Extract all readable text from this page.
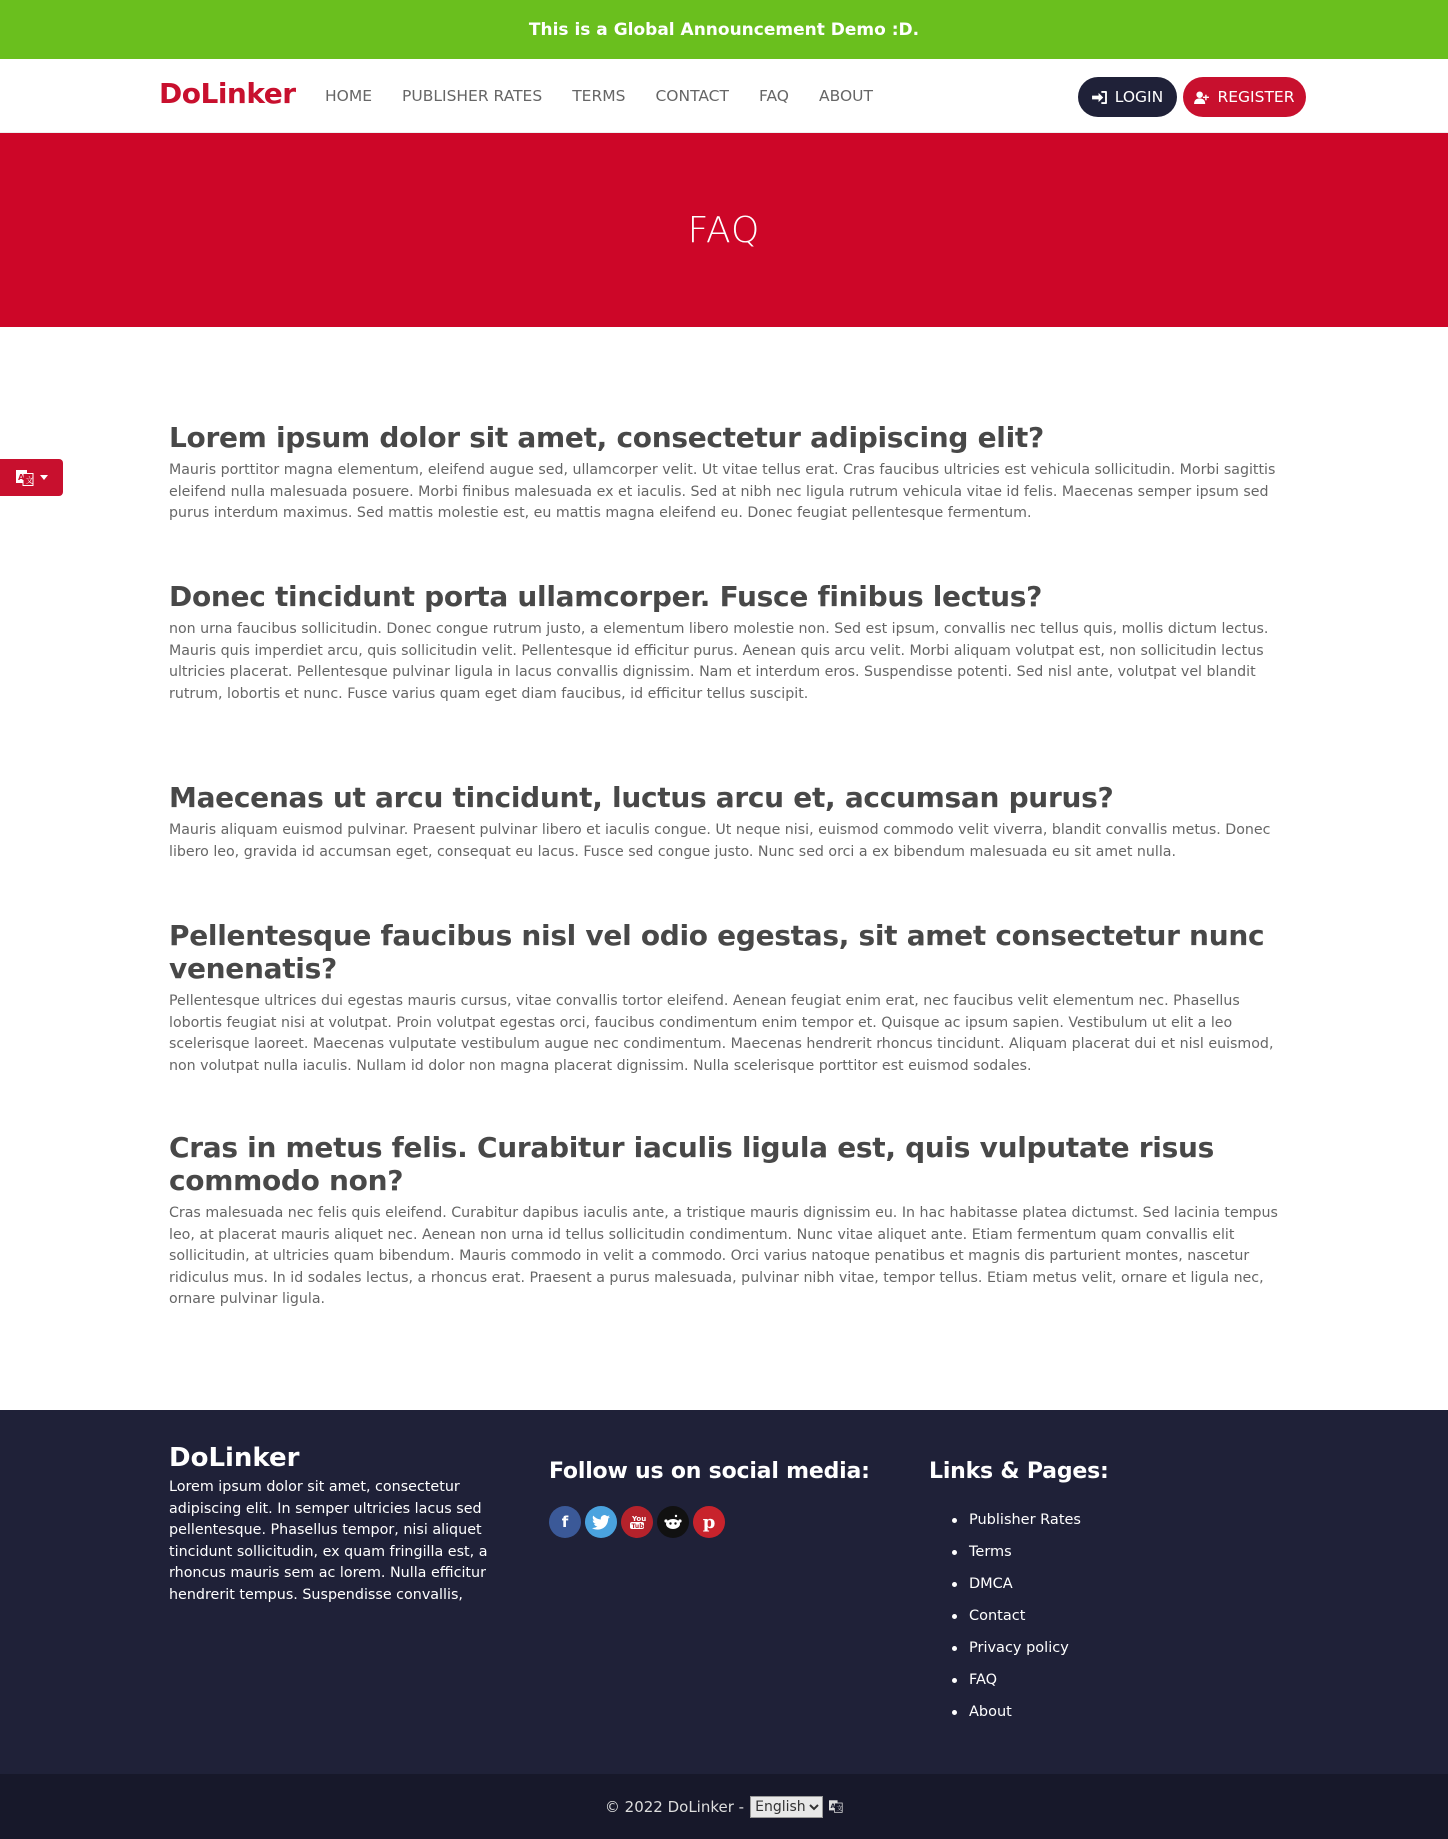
This is a Global Announcement Demo :D.
DoLinker HOME PUBLISHER RATES TERMS CONTACT FAQ ABOUT	LOGIN	REGISTER
FAQ
A 文
Lorem ipsum dolor sit amet, consectetur adipiscing elit?

Mauris porttitor magna elementum, eleifend augue sed, ullamcorper velit. Ut vitae tellus erat. Cras faucibus ultricies est vehicula sollicitudin. Morbi sagittis eleifend nulla malesuada posuere. Morbi finibus malesuada ex et iaculis. Sed at nibh nec ligula rutrum vehicula vitae id felis. Maecenas semper ipsum sed purus interdum maximus. Sed mattis molestie est, eu mattis magna eleifend eu. Donec feugiat pellentesque fermentum.

Donec tincidunt porta ullamcorper. Fusce finibus lectus?

non urna faucibus sollicitudin. Donec congue rutrum justo, a elementum libero molestie non. Sed est ipsum, convallis nec tellus quis, mollis dictum lectus. Mauris quis imperdiet arcu, quis sollicitudin velit. Pellentesque id efficitur purus. Aenean quis arcu velit. Morbi aliquam volutpat est, non sollicitudin lectus ultricies placerat. Pellentesque pulvinar ligula in lacus convallis dignissim. Nam et interdum eros. Suspendisse potenti. Sed nisl ante, volutpat vel blandit rutrum, lobortis et nunc. Fusce varius quam eget diam faucibus, id efficitur tellus suscipit.

Maecenas ut arcu tincidunt, luctus arcu et, accumsan purus?

Mauris aliquam euismod pulvinar. Praesent pulvinar libero et iaculis congue. Ut neque nisi, euismod commodo velit viverra, blandit convallis metus. Donec libero leo, gravida id accumsan eget, consequat eu lacus. Fusce sed congue justo. Nunc sed orci a ex bibendum malesuada eu sit amet nulla.

Pellentesque faucibus nisl vel odio egestas, sit amet consectetur nunc venenatis?

Pellentesque ultrices dui egestas mauris cursus, vitae convallis tortor eleifend. Aenean feugiat enim erat, nec faucibus velit elementum nec. Phasellus lobortis feugiat nisi at volutpat. Proin volutpat egestas orci, faucibus condimentum enim tempor et. Quisque ac ipsum sapien. Vestibulum ut elit a leo scelerisque laoreet. Maecenas vulputate vestibulum augue nec condimentum. Maecenas hendrerit rhoncus tincidunt. Aliquam placerat dui et nisl euismod, non volutpat nulla iaculis. Nullam id dolor non magna placerat dignissim. Nulla scelerisque porttitor est euismod sodales.

Cras in metus felis. Curabitur iaculis ligula est, quis vulputate risus commodo non?

Cras malesuada nec felis quis eleifend. Curabitur dapibus iaculis ante, a tristique mauris dignissim eu. In hac habitasse platea dictumst. Sed lacinia tempus leo, at placerat mauris aliquet nec. Aenean non urna id tellus sollicitudin condimentum. Nunc vitae aliquet ante. Etiam fermentum quam convallis elit sollicitudin, at ultricies quam bibendum. Mauris commodo in velit a commodo. Orci varius natoque penatibus et magnis dis parturient montes, nascetur ridiculus mus. In id sodales lectus, a rhoncus erat. Praesent a purus malesuada, pulvinar nibh vitae, tempor tellus. Etiam metus velit, ornare et ligula nec, ornare pulvinar ligula.

DoLinker
Lorem ipsum dolor sit amet, consectetur adipiscing elit. In semper ultricies lacus sed pellentesque. Phasellus tempor, nisi aliquet tincidunt sollicitudin, ex quam fringilla est, a rhoncus mauris sem ac lorem. Nulla efficitur hendrerit tempus. Suspendisse convallis,
Follow us on social media:
f	You
Tube	p
Links & Pages:
Publisher Rates
Terms
DMCA
Contact
Privacy policy
FAQ
About
© 2022 DoLinker -
English	A 文
